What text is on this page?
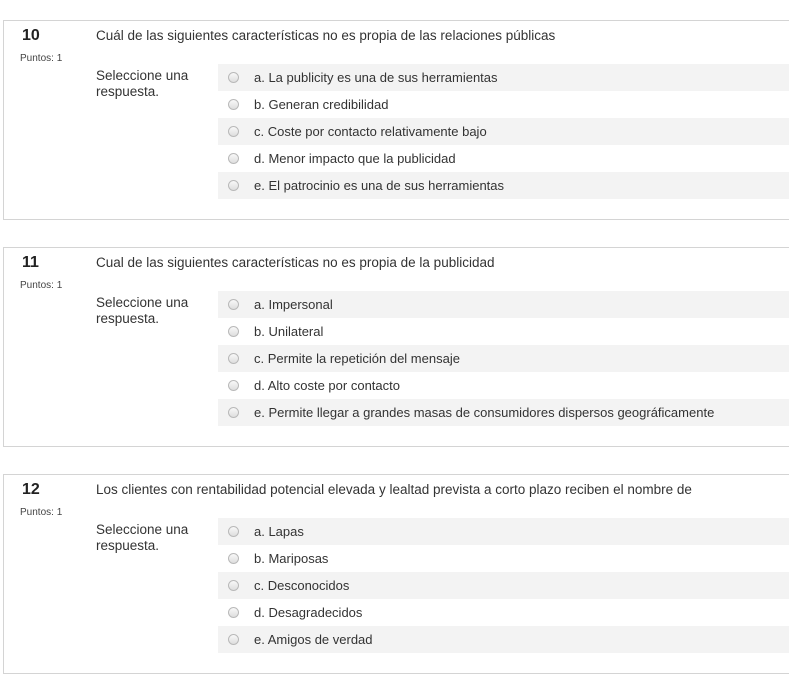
10
Puntos: 1
Cuál de las siguientes características no es propia de las relaciones públicas
Seleccione una respuesta.
a. La publicity es una de sus herramientas
b. Generan credibilidad
c. Coste por contacto relativamente bajo
d. Menor impacto que la publicidad
e. El patrocinio es una de sus herramientas
11
Puntos: 1
Cual de las siguientes características no es propia de la publicidad
Seleccione una respuesta.
a. Impersonal
b. Unilateral
c. Permite la repetición del mensaje
d. Alto coste por contacto
e. Permite llegar a grandes masas de consumidores dispersos geográficamente
12
Puntos: 1
Los clientes con rentabilidad potencial elevada y lealtad prevista a corto plazo reciben el nombre de
Seleccione una respuesta.
a. Lapas
b. Mariposas
c. Desconocidos
d. Desagradecidos
e. Amigos de verdad
